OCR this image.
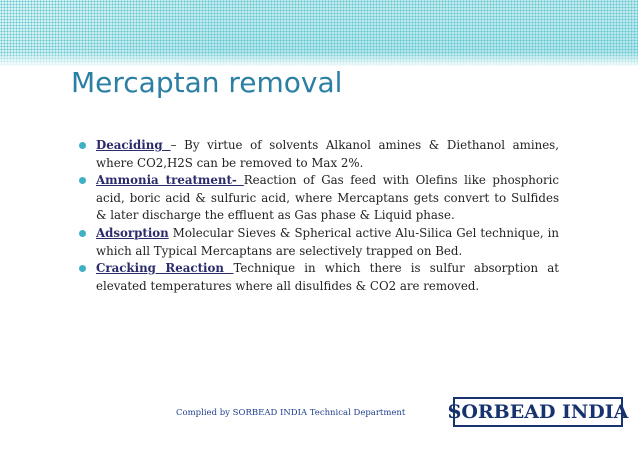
Mercaptan removal
Deaciding – By virtue of solvents Alkanol amines & Diethanol amines, where CO2,H2S can be removed to Max 2%.
Ammonia treatment- Reaction of Gas feed with Olefins like phosphoric acid, boric acid & sulfuric acid, where Mercaptans gets convert to Sulfides & later discharge the effluent as Gas phase & Liquid phase.
Adsorption Molecular Sieves & Spherical active Alu-Silica Gel technique, in which all Typical Mercaptans are selectively trapped on Bed.
Cracking Reaction Technique in which there is sulfur absorption at elevated temperatures where all disulfides & CO2 are removed.
Complied by SORBEAD INDIA Technical Department SORBEAD INDIA
